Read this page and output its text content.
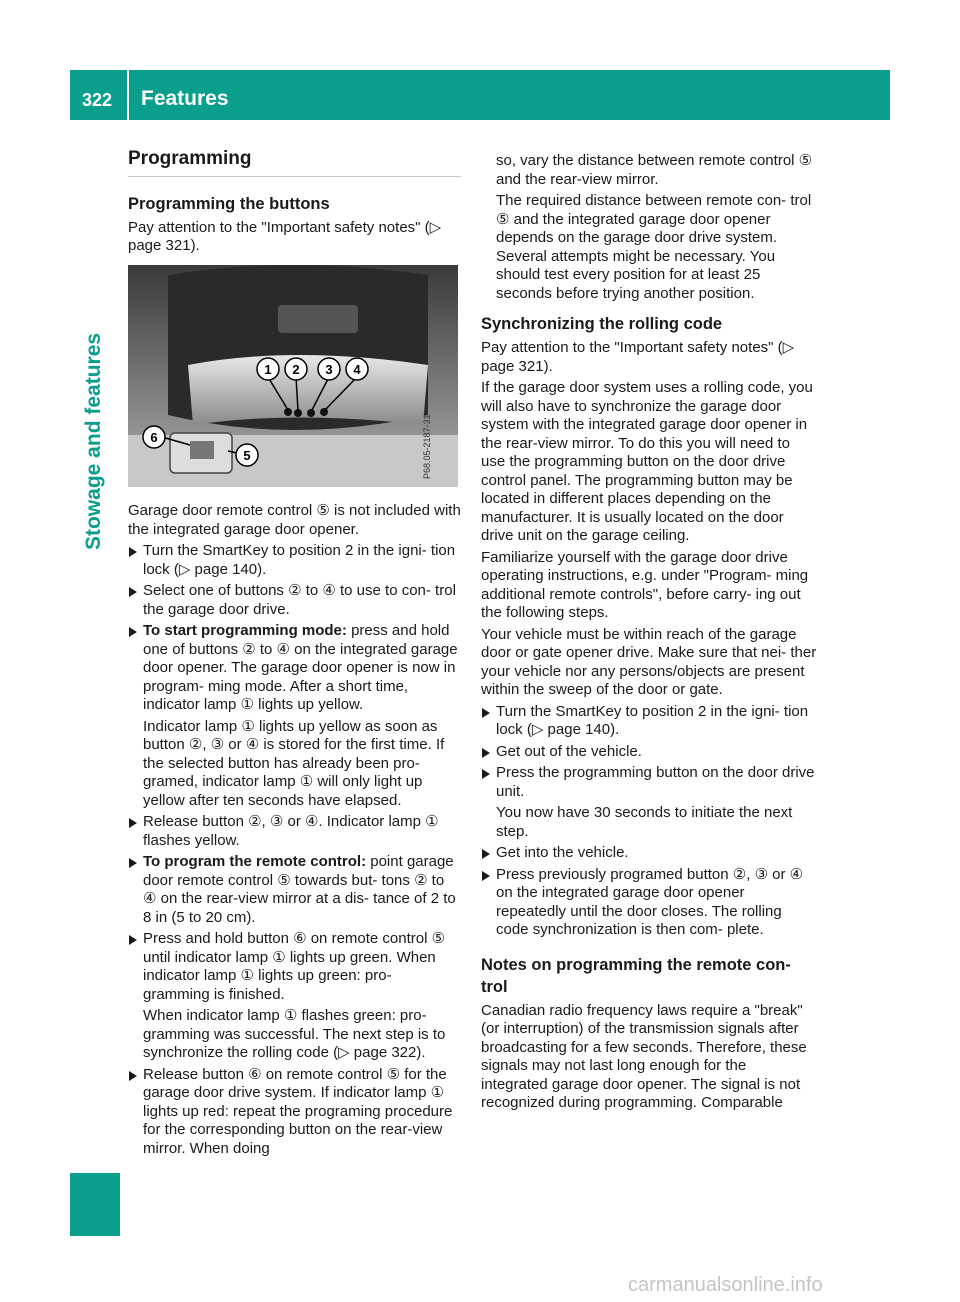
322 Features
Stowage and features
Programming
Programming the buttons

Pay attention to the "Important safety notes" (▷ page 321).

1 2 3 4
6
5	P68.05-2187-31

Garage door remote control ⑤ is not included with the integrated garage door opener.

Turn the SmartKey to position 2 in the igni- tion lock (▷ page 140).

Select one of buttons ② to ④ to use to con- trol the garage door drive.

To start programming mode: press and hold one of buttons ② to ④ on the integrated garage door opener. The garage door opener is now in program- ming mode. After a short time, indicator lamp ① lights up yellow.

Indicator lamp ① lights up yellow as soon as button ②, ③ or ④ is stored for the first time. If the selected button has already been pro- gramed, indicator lamp ① will only light up yellow after ten seconds have elapsed.

Release button ②, ③ or ④. Indicator lamp ① flashes yellow.

To program the remote control: point garage door remote control ⑤ towards but- tons ② to ④ on the rear-view mirror at a dis- tance of 2 to 8 in (5 to 20 cm).

Press and hold button ⑥ on remote control ⑤ until indicator lamp ① lights up green. When indicator lamp ① lights up green: pro- gramming is finished.

When indicator lamp ① flashes green: pro- gramming was successful. The next step is to synchronize the rolling code (▷ page 322).

Release button ⑥ on remote control ⑤ for the garage door drive system. If indicator lamp ① lights up red: repeat the programing procedure for the corresponding button on the rear-view mirror. When doing

so, vary the distance between remote control ⑤ and the rear-view mirror.

The required distance between remote con- trol ⑤ and the integrated garage door opener depends on the garage door drive system. Several attempts might be necessary. You should test every position for at least 25 seconds before trying another position.

Synchronizing the rolling code

Pay attention to the "Important safety notes" (▷ page 321).

If the garage door system uses a rolling code, you will also have to synchronize the garage door system with the integrated garage door opener in the rear-view mirror. To do this you will need to use the programming button on the door drive control panel. The programming button may be located in different places depending on the manufacturer. It is usually located on the door drive unit on the garage ceiling.

Familiarize yourself with the garage door drive operating instructions, e.g. under "Program- ming additional remote controls", before carry- ing out the following steps.

Your vehicle must be within reach of the garage door or gate opener drive. Make sure that nei- ther your vehicle nor any persons/objects are present within the sweep of the door or gate.

Turn the SmartKey to position 2 in the igni- tion lock (▷ page 140).

Get out of the vehicle.

Press the programming button on the door drive unit.

You now have 30 seconds to initiate the next step.

Get into the vehicle.

Press previously programed button ②, ③ or ④ on the integrated garage door opener repeatedly until the door closes. The rolling code synchronization is then com- plete.

Notes on programming the remote con- trol

Canadian radio frequency laws require a "break" (or interruption) of the transmission signals after broadcasting for a few seconds. Therefore, these signals may not last long enough for the integrated garage door opener. The signal is not recognized during programming. Comparable

carmanualsonline.info
